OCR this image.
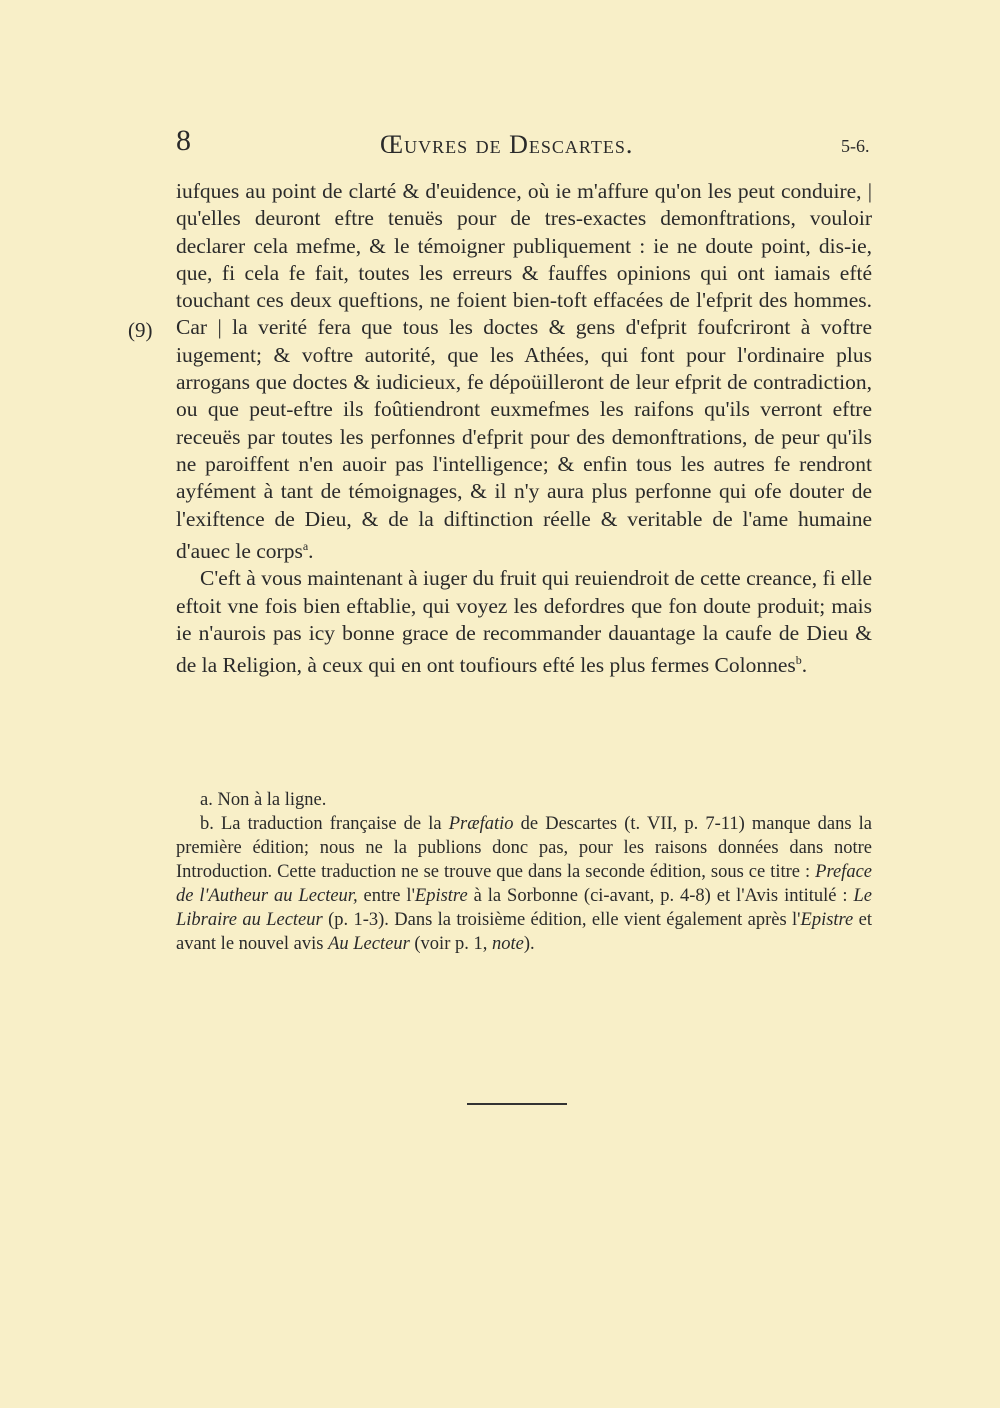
8	Œuvres de Descartes.	5-6.
(9)

iufques au point de clarté & d'euidence, où ie m'affure qu'on les peut conduire, | qu'elles deuront eftre tenuës pour de tres-exactes demonftrations, vouloir declarer cela mefme, & le témoigner publiquement : ie ne doute point, dis-ie, que, fi cela fe fait, toutes les erreurs & fauffes opinions qui ont iamais efté touchant ces deux queftions, ne foient bien-toft effacées de l'efprit des hommes. Car | la verité fera que tous les doctes & gens d'efprit foufcriront à voftre iugement; & voftre autorité, que les Athées, qui font pour l'ordinaire plus arrogans que doctes & iudicieux, fe dépoüilleront de leur efprit de contradiction, ou que peut-eftre ils foûtiendront euxmefmes les raifons qu'ils verront eftre receuës par toutes les perfonnes d'efprit pour des demonftrations, de peur qu'ils ne paroiffent n'en auoir pas l'intelligence; & enfin tous les autres fe rendront ayfément à tant de témoignages, & il n'y aura plus perfonne qui ofe douter de l'exiftence de Dieu, & de la diftinction réelle & veritable de l'ame humaine d'auec le corps$^a$.

C'eft à vous maintenant à iuger du fruit qui reuiendroit de cette creance, fi elle eftoit vne fois bien eftablie, qui voyez les defordres que fon doute produit; mais ie n'aurois pas icy bonne grace de recommander dauantage la caufe de Dieu & de la Religion, à ceux qui en ont toufiours efté les plus fermes Colonnes$^b$.

a. Non à la ligne.

b. La traduction française de la Præfatio de Descartes (t. VII, p. 7-11) manque dans la première édition; nous ne la publions donc pas, pour les raisons données dans notre Introduction. Cette traduction ne se trouve que dans la seconde édition, sous ce titre : Preface de l'Autheur au Lecteur, entre l'Epistre à la Sorbonne (ci-avant, p. 4-8) et l'Avis intitulé : Le Libraire au Lecteur (p. 1-3). Dans la troisième édition, elle vient également après l'Epistre et avant le nouvel avis Au Lecteur (voir p. 1, note).
